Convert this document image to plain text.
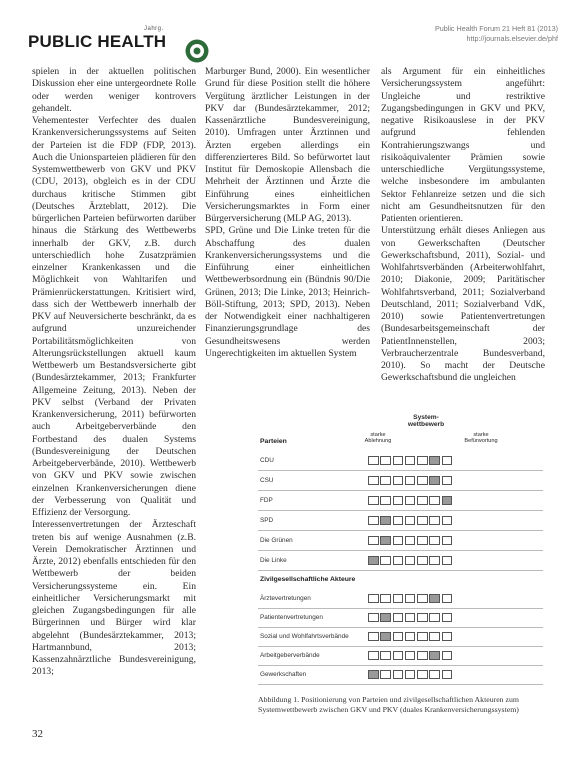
Jahrg.
PUBLIC HEALTH
Public Health Forum 21 Heft 81 (2013)
http://journals.elsevier.de/phf

spielen in der aktuellen politischen Diskussion eher eine untergeordnete Rolle oder werden weniger kontrovers gehandelt.

Vehementester Verfechter des dualen Krankenversicherungssystems auf Seiten der Parteien ist die FDP (FDP, 2013). Auch die Unionsparteien plädieren für den Systemwettbewerb von GKV und PKV (CDU, 2013), obgleich es in der CDU durchaus kritische Stimmen gibt (Deutsches Ärzteblatt, 2012). Die bürgerlichen Parteien befürworten darüber hinaus die Stärkung des Wettbewerbs innerhalb der GKV, z.B. durch unterschiedlich hohe Zusatzprämien einzelner Krankenkassen und die Möglichkeit von Wahltarifen und Prämienrückerstattungen. Kritisiert wird, dass sich der Wettbewerb innerhalb der PKV auf Neuversicherte beschränkt, da es aufgrund unzureichender Portabilitätsmöglichkeiten von Alterungsrückstellungen aktuell kaum Wettbewerb um Bestandsversicherte gibt (Bundesärztekammer, 2013; Frankfurter Allgemeine Zeitung, 2013). Neben der PKV selbst (Verband der Privaten Krankenversicherung, 2011) befürworten auch Arbeitgeberverbände den Fortbestand des dualen Systems (Bundesvereinigung der Deutschen Arbeitgeberverbände, 2010). Wettbewerb von GKV und PKV sowie zwischen einzelnen Krankenversicherungen diene der Verbesserung von Qualität und Effizienz der Versorgung.

Interessenvertretungen der Ärzteschaft treten bis auf wenige Ausnahmen (z.B. Verein Demokratischer Ärztinnen und Ärzte, 2012) ebenfalls entschieden für den Wettbewerb der beiden Versicherungssysteme ein. Ein einheitlicher Versicherungsmarkt mit gleichen Zugangsbedingungen für alle Bürgerinnen und Bürger wird klar abgelehnt (Bundesärztekammer, 2013; Hartmannbund, 2013; Kassenzahnärztliche Bundesvereinigung, 2013;

Marburger Bund, 2000). Ein wesentlicher Grund für diese Position stellt die höhere Vergütung ärztlicher Leistungen in der PKV dar (Bundesärztekammer, 2012; Kassenärztliche Bundesvereinigung, 2010). Umfragen unter Ärztinnen und Ärzten ergeben allerdings ein differenzierteres Bild. So befürwortet laut Institut für Demoskopie Allensbach die Mehrheit der Ärztinnen und Ärzte die Einführung eines einheitlichen Versicherungsmarktes in Form einer Bürgerversicherung (MLP AG, 2013).

SPD, Grüne und Die Linke treten für die Abschaffung des dualen Krankenversicherungssystems und die Einführung einer einheitlichen Wettbewerbsordnung ein (Bündnis 90/Die Grünen, 2013; Die Linke, 2013; Heinrich-Böll-Stiftung, 2013; SPD, 2013). Neben der Notwendigkeit einer nachhaltigeren Finanzierungsgrundlage des Gesundheitswesens werden Ungerechtigkeiten im aktuellen System

als Argument für ein einheitliches Versicherungssystem angeführt: Ungleiche und restriktive Zugangsbedingungen in GKV und PKV, negative Risikoauslese in der PKV aufgrund fehlenden Kontrahierungszwangs und risikoäquivalenter Prämien sowie unterschiedliche Vergütungssysteme, welche insbesondere im ambulanten Sektor Fehlanreize setzen und die sich nicht am Gesundheitsnutzen für den Patienten orientieren.

Unterstützung erhält dieses Anliegen aus von Gewerkschaften (Deutscher Gewerkschaftsbund, 2011), Sozial- und Wohlfahrtsverbänden (Arbeiterwohlfahrt, 2010; Diakonie, 2009; Paritätischer Wohlfahrtsverband, 2011; Sozialverband Deutschland, 2011; Sozialverband VdK, 2010) sowie Patientenvertretungen (Bundesarbeitsgemeinschaft der PatientInnenstellen, 2003; Verbraucherzentrale Bundesverband, 2010). So macht der Deutsche Gewerkschaftsbund die ungleichen

System-
wettbewerb
starke
Ablehnung
starke
Befürwortung
Parteien
Zivilgesellschaftliche Akteure
CDU
CSU
FDP
SPD
Die Grünen
Die Linke
Ärztevertretungen
Patientenvertretungen
Sozial und Wohlfahrtsverbände
Arbeitgeberverbände
Gewerkschaften
Abbildung 1. Positionierung von Parteien und zivilgesellschaftlichen Akteuren zum Systemwettbewerb zwischen GKV und PKV (duales Krankenversicherungssystem)
32
